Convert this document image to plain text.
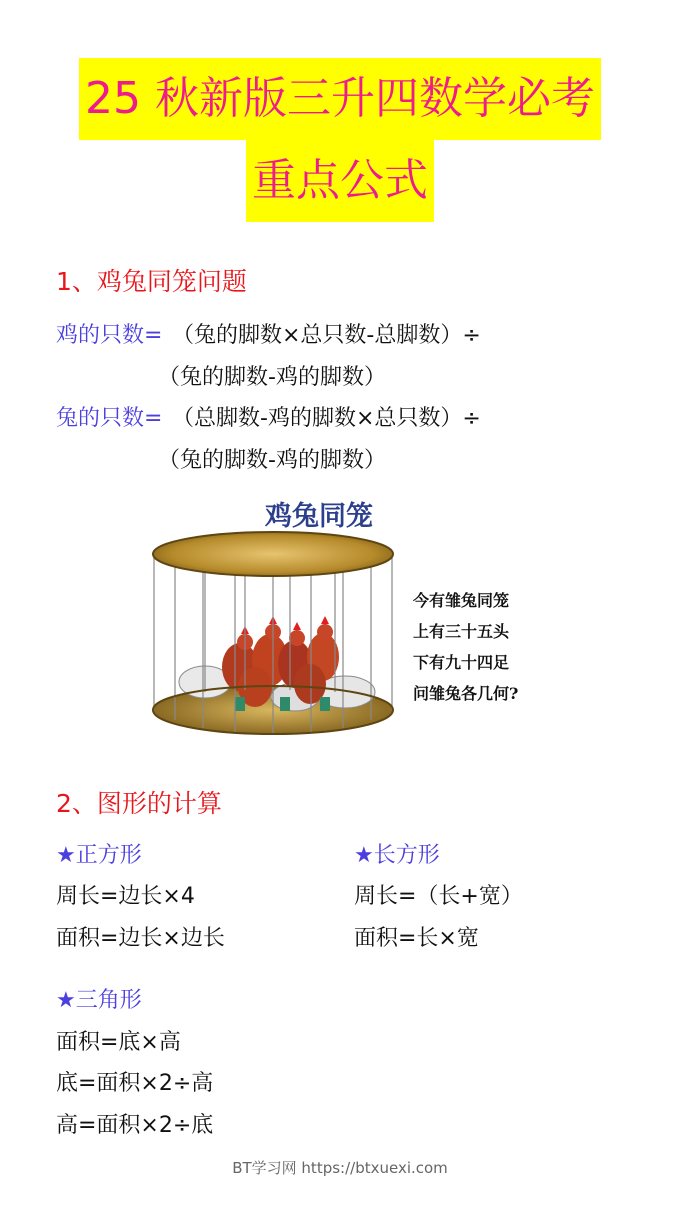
25 秋新版三升四数学必考
重点公式
1、鸡兔同笼问题
鸡的只数= （兔的脚数×总只数-总脚数）÷
（兔的脚数-鸡的脚数）
兔的只数= （总脚数-鸡的脚数×总只数）÷
（兔的脚数-鸡的脚数）
鸡兔同笼
今有雏兔同笼
上有三十五头
下有九十四足
问雏兔各几何?
2、图形的计算
★正方形
周长=边长×4
面积=边长×边长
★长方形
周长=（长+宽）
面积=长×宽
★三角形
面积=底×高
底=面积×2÷高
高=面积×2÷底
BT学习网 https://btxuexi.com
